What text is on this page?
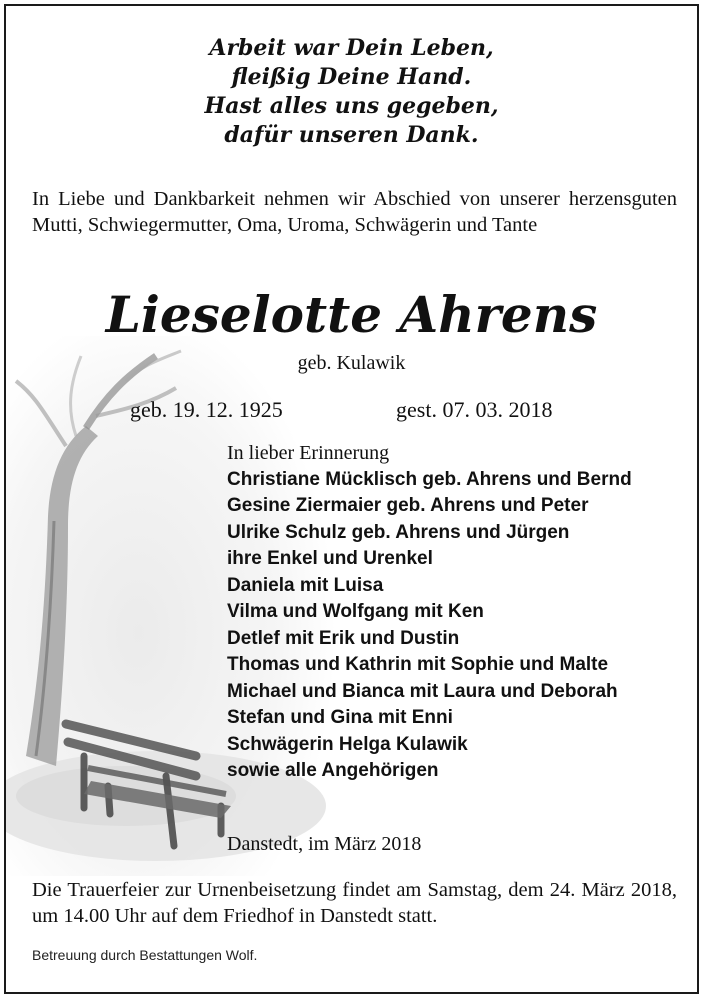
Arbeit war Dein Leben,
fleißig Deine Hand.
Hast alles uns gegeben,
dafür unseren Dank.
In Liebe und Dankbarkeit nehmen wir Abschied von unserer herzensguten Mutti, Schwiegermutter, Oma, Uroma, Schwägerin und Tante
Lieselotte Ahrens
geb. Kulawik
geb. 19. 12. 1925	gest. 07. 03. 2018
In lieber Erinnerung
Christiane Mücklisch geb. Ahrens und Bernd
Gesine Ziermaier geb. Ahrens und Peter
Ulrike Schulz geb. Ahrens und Jürgen
ihre Enkel und Urenkel
Daniela mit Luisa
Vilma und Wolfgang mit Ken
Detlef mit Erik und Dustin
Thomas und Kathrin mit Sophie und Malte
Michael und Bianca mit Laura und Deborah
Stefan und Gina mit Enni
Schwägerin Helga Kulawik
sowie alle Angehörigen
Danstedt, im März 2018
Die Trauerfeier zur Urnenbeisetzung findet am Samstag, dem 24. März 2018, um 14.00 Uhr auf dem Friedhof in Danstedt statt.
Betreuung durch Bestattungen Wolf.
